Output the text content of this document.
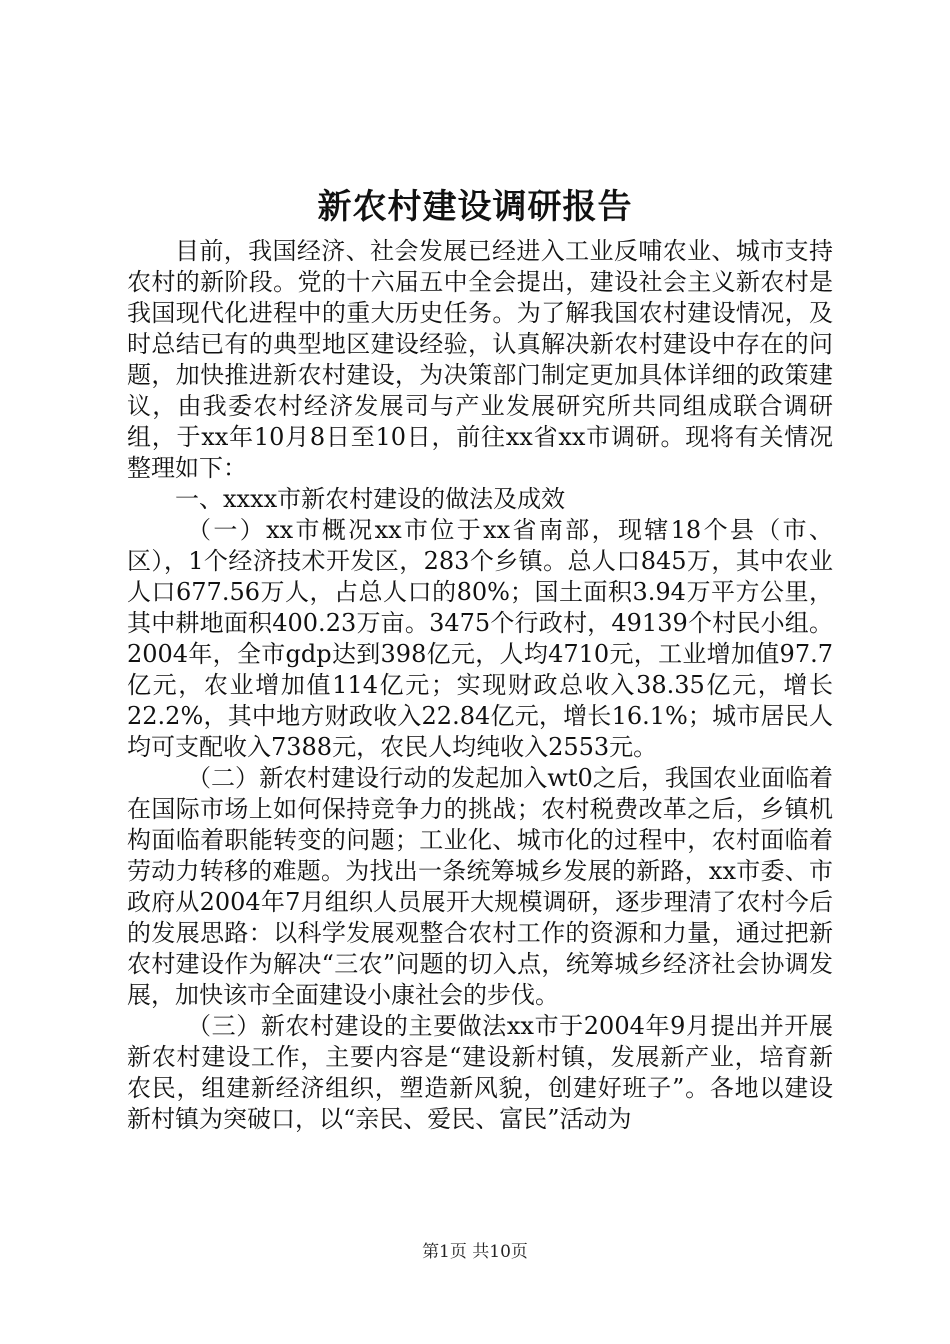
新农村建设调研报告

目前，我国经济、社会发展已经进入工业反哺农业、城市支持农村的新阶段。党的十六届五中全会提出，建设社会主义新农村是我国现代化进程中的重大历史任务。为了解我国农村建设情况，及时总结已有的典型地区建设经验，认真解决新农村建设中存在的问题，加快推进新农村建设，为决策部门制定更加具体详细的政策建议，由我委农村经济发展司与产业发展研究所共同组成联合调研组，于xx年10月8日至10日，前往xx省xx市调研。现将有关情况整理如下：

一、xxxx市新农村建设的做法及成效

（一）xx市概况xx市位于xx省南部，现辖18个县（市、区），1个经济技术开发区，283个乡镇。总人口845万，其中农业人口677.56万人，占总人口的80%；国土面积3.94万平方公里，其中耕地面积400.23万亩。3475个行政村，49139个村民小组。2004年，全市gdp达到398亿元，人均4710元，工业增加值97.7亿元，农业增加值114亿元；实现财政总收入38.35亿元，增长22.2%，其中地方财政收入22.84亿元，增长16.1%；城市居民人均可支配收入7388元，农民人均纯收入2553元。

（二）新农村建设行动的发起加入wt0之后，我国农业面临着在国际市场上如何保持竞争力的挑战；农村税费改革之后，乡镇机构面临着职能转变的问题；工业化、城市化的过程中，农村面临着劳动力转移的难题。为找出一条统筹城乡发展的新路，xx市委、市政府从2004年7月组织人员展开大规模调研，逐步理清了农村今后的发展思路：以科学发展观整合农村工作的资源和力量，通过把新农村建设作为解决“三农”问题的切入点，统筹城乡经济社会协调发展，加快该市全面建设小康社会的步伐。

（三）新农村建设的主要做法xx市于2004年9月提出并开展新农村建设工作，主要内容是“建设新村镇，发展新产业，培育新农民，组建新经济组织，塑造新风貌，创建好班子”。各地以建设新村镇为突破口，以“亲民、爱民、富民”活动为

第1页 共10页
